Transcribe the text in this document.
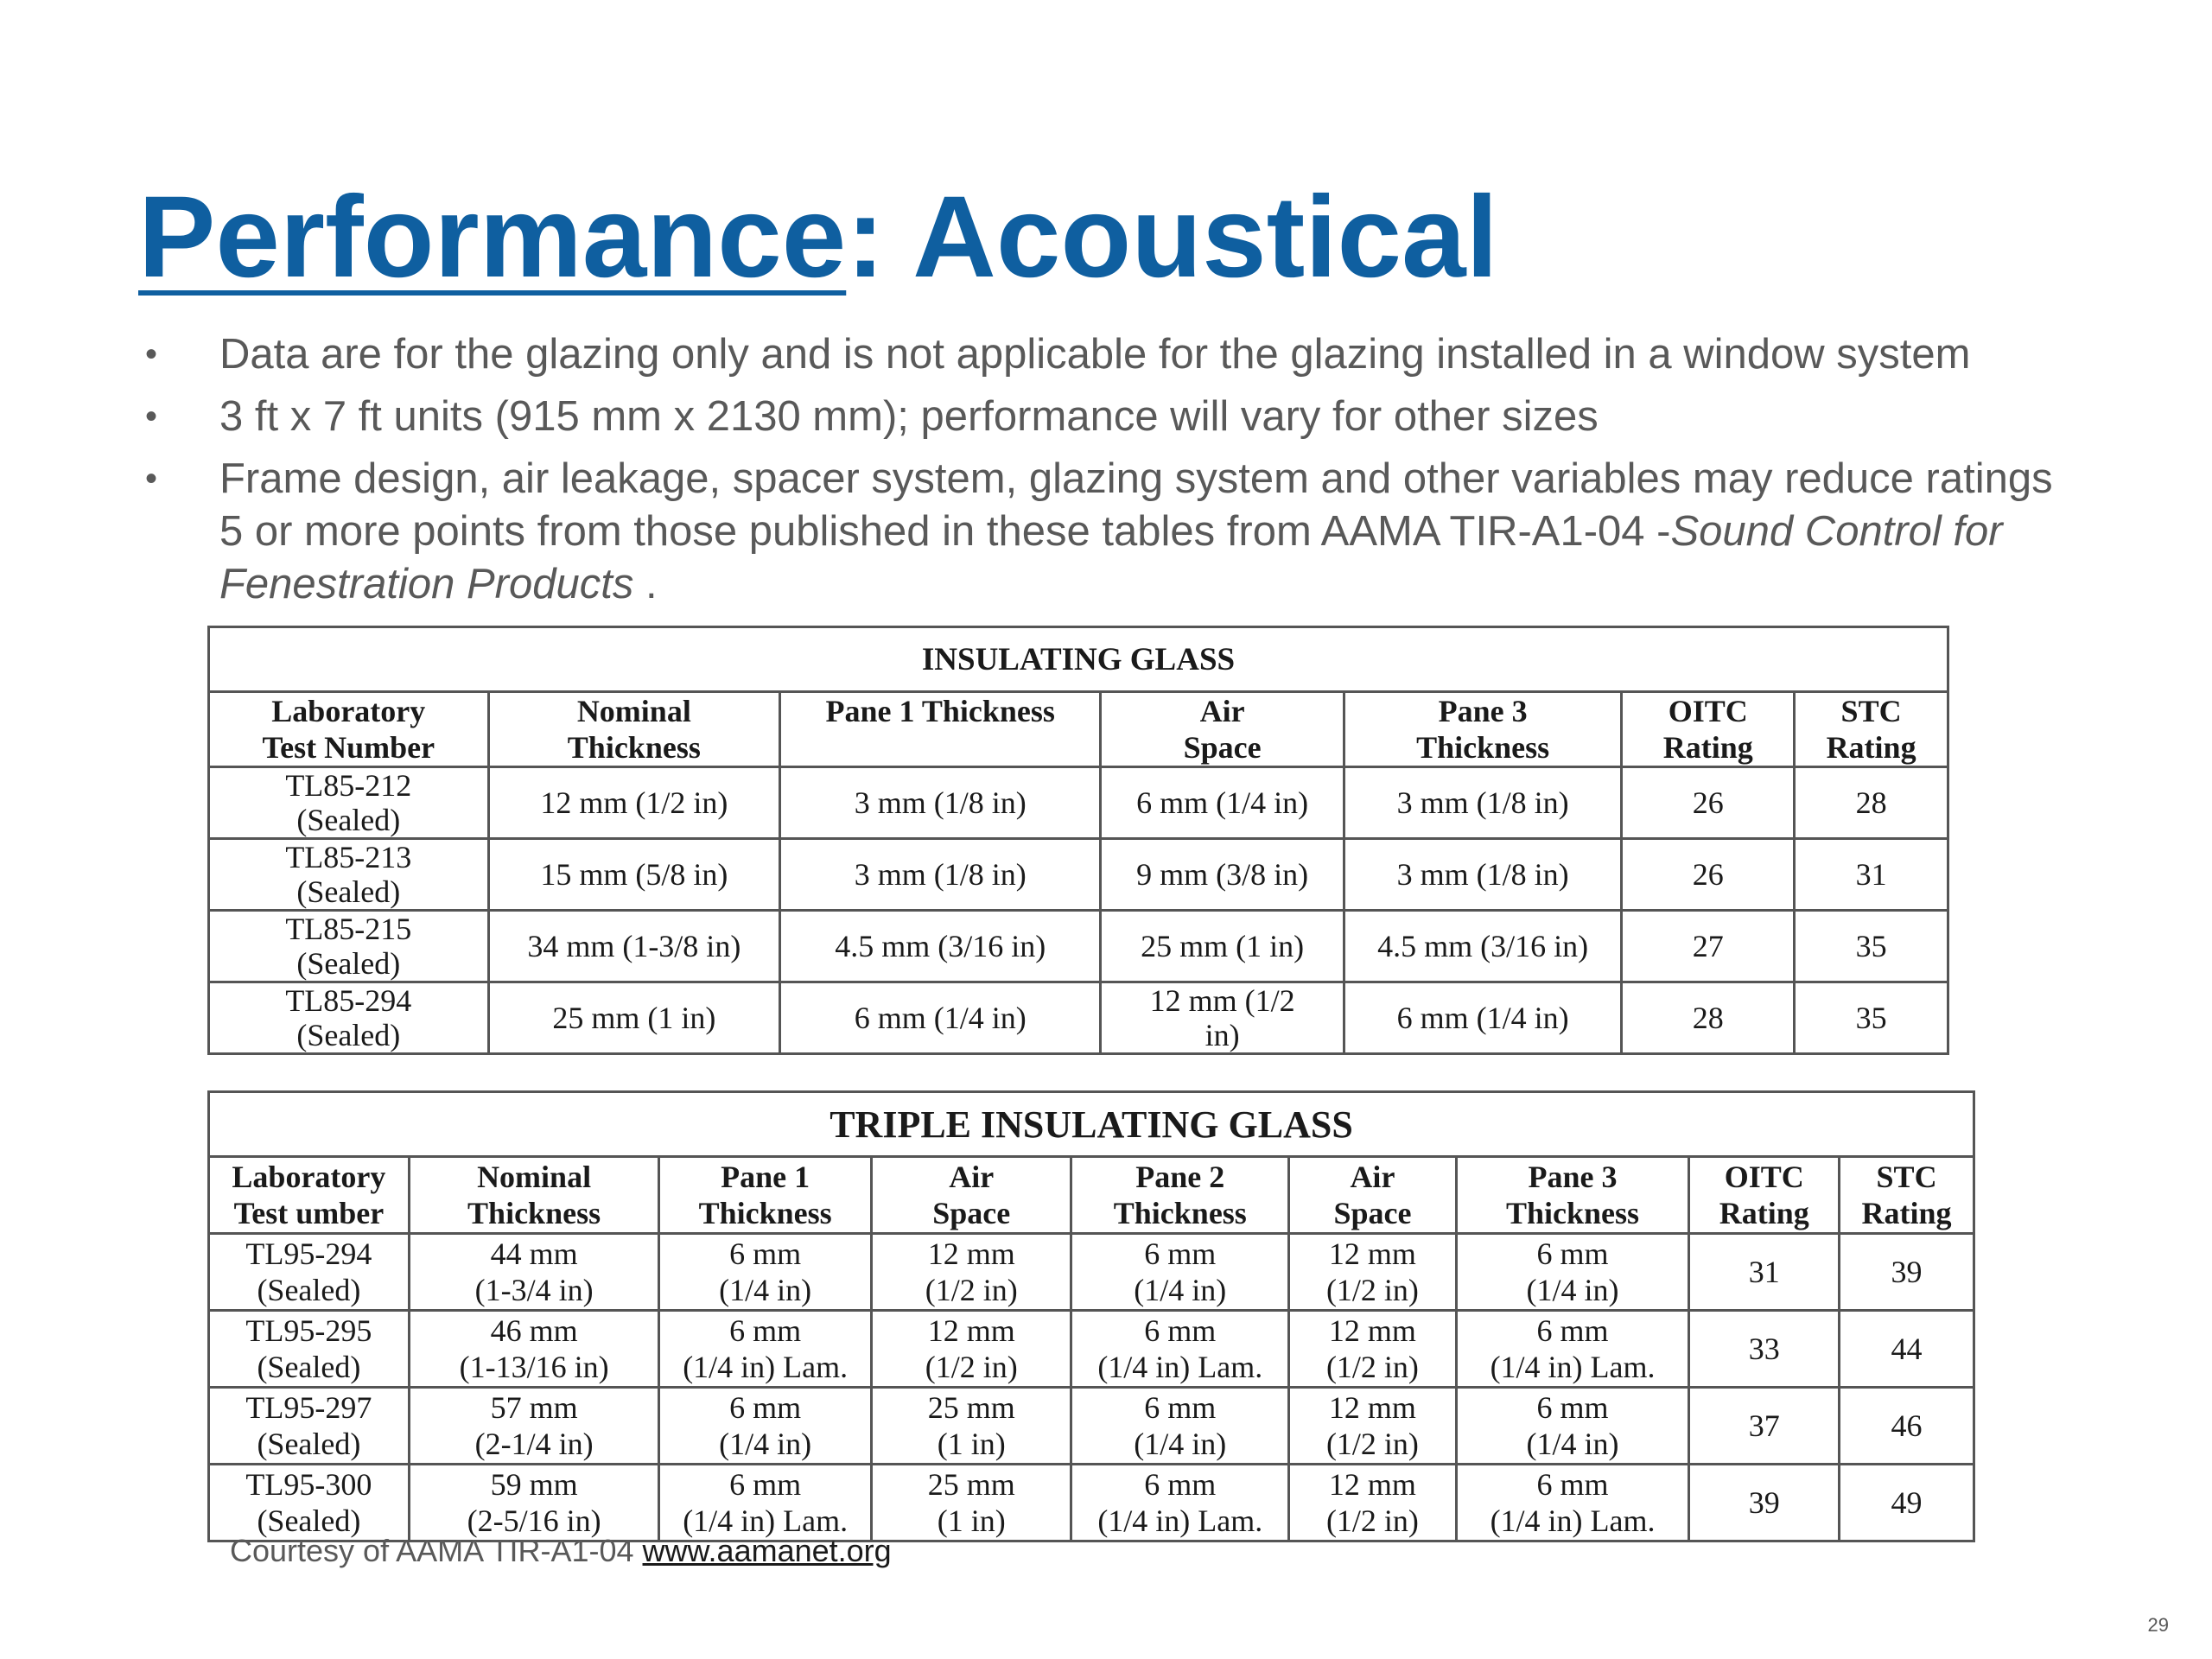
Performance: Acoustical
• Data are for the glazing only and is not applicable for the glazing installed in a window system
• 3 ft x 7 ft units (915 mm x 2130 mm); performance will vary for other sizes
• Frame design, air leakage, spacer system, glazing system and other variables may reduce ratings 5 or more points from those published in these tables from AAMA TIR-A1-04 -Sound Control for Fenestration Products .
INSULATING GLASS						
Laboratory
Test Number	Nominal
Thickness	Pane 1 Thickness	Air
Space	Pane 3
Thickness	OITC
Rating	STC
Rating
TL85-212
(Sealed)	12 mm (1/2 in)	3 mm (1/8 in)	6 mm (1/4 in)	3 mm (1/8 in)	26	28
TL85-213
(Sealed)	15 mm (5/8 in)	3 mm (1/8 in)	9 mm (3/8 in)	3 mm (1/8 in)	26	31
TL85-215
(Sealed)	34 mm (1-3/8 in)	4.5 mm (3/16 in)	25 mm (1 in)	4.5 mm (3/16 in)	27	35
TL85-294
(Sealed)	25 mm (1 in)	6 mm (1/4 in)	12 mm (1/2
in)	6 mm (1/4 in)	28	35
TRIPLE INSULATING GLASS								
Laboratory
Test umber	Nominal
Thickness	Pane 1
Thickness	Air
Space	Pane 2
Thickness	Air
Space	Pane 3
Thickness	OITC
Rating	STC
Rating
TL95-294
(Sealed)	44 mm
(1-3/4 in)	6 mm
(1/4 in)	12 mm
(1/2 in)	6 mm
(1/4 in)	12 mm
(1/2 in)	6 mm
(1/4 in)	31	39
TL95-295
(Sealed)	46 mm
(1-13/16 in)	6 mm
(1/4 in) Lam.	12 mm
(1/2 in)	6 mm
(1/4 in) Lam.	12 mm
(1/2 in)	6 mm
(1/4 in) Lam.	33	44
TL95-297
(Sealed)	57 mm
(2-1/4 in)	6 mm
(1/4 in)	25 mm
(1 in)	6 mm
(1/4 in)	12 mm
(1/2 in)	6 mm
(1/4 in)	37	46
TL95-300
(Sealed)	59 mm
(2-5/16 in)	6 mm
(1/4 in) Lam.	25 mm
(1 in)	6 mm
(1/4 in) Lam.	12 mm
(1/2 in)	6 mm
(1/4 in) Lam.	39	49
Courtesy of AAMA TIR-A1-04 www.aamanet.org
29
